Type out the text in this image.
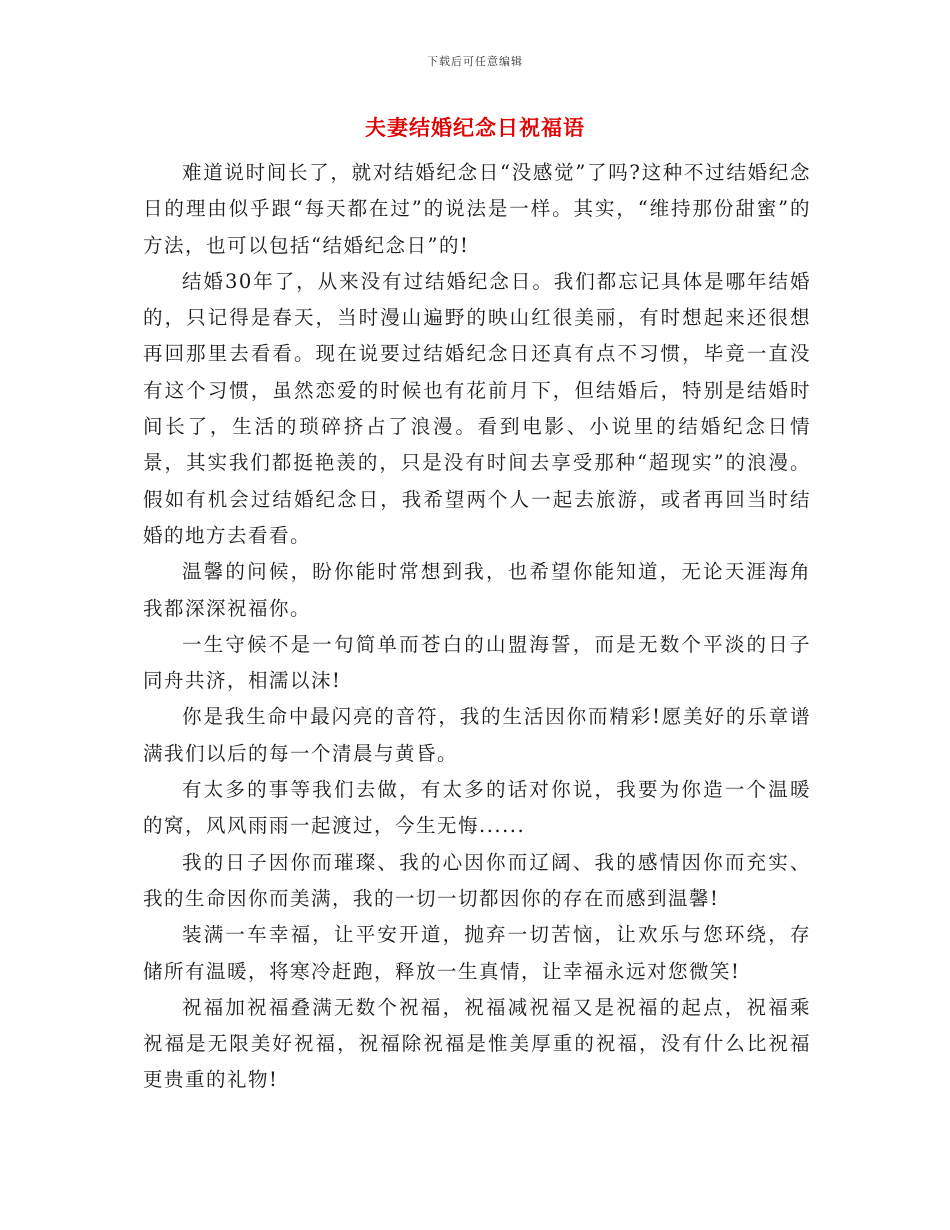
下载后可任意编辑
夫妻结婚纪念日祝福语

难道说时间长了，就对结婚纪念日“没感觉”了吗?这种不过结婚纪念日的理由似乎跟“每天都在过”的说法是一样。其实，“维持那份甜蜜”的方法，也可以包括“结婚纪念日”的!

结婚30年了，从来没有过结婚纪念日。我们都忘记具体是哪年结婚的，只记得是春天，当时漫山遍野的映山红很美丽，有时想起来还很想再回那里去看看。现在说要过结婚纪念日还真有点不习惯，毕竟一直没有这个习惯，虽然恋爱的时候也有花前月下，但结婚后，特别是结婚时间长了，生活的琐碎挤占了浪漫。看到电影、小说里的结婚纪念日情景，其实我们都挺艳羡的，只是没有时间去享受那种“超现实”的浪漫。假如有机会过结婚纪念日，我希望两个人一起去旅游，或者再回当时结婚的地方去看看。

温馨的问候，盼你能时常想到我，也希望你能知道，无论天涯海角我都深深祝福你。

一生守候不是一句简单而苍白的山盟海誓，而是无数个平淡的日子同舟共济，相濡以沫!

你是我生命中最闪亮的音符，我的生活因你而精彩!愿美好的乐章谱满我们以后的每一个清晨与黄昏。

有太多的事等我们去做，有太多的话对你说，我要为你造一个温暖的窝，风风雨雨一起渡过，今生无悔......

我的日子因你而璀璨、我的心因你而辽阔、我的感情因你而充实、我的生命因你而美满，我的一切一切都因你的存在而感到温馨!

装满一车幸福，让平安开道，抛弃一切苦恼，让欢乐与您环绕，存储所有温暖，将寒冷赶跑，释放一生真情，让幸福永远对您微笑!

祝福加祝福叠满无数个祝福，祝福减祝福又是祝福的起点，祝福乘祝福是无限美好祝福，祝福除祝福是惟美厚重的祝福，没有什么比祝福更贵重的礼物!
